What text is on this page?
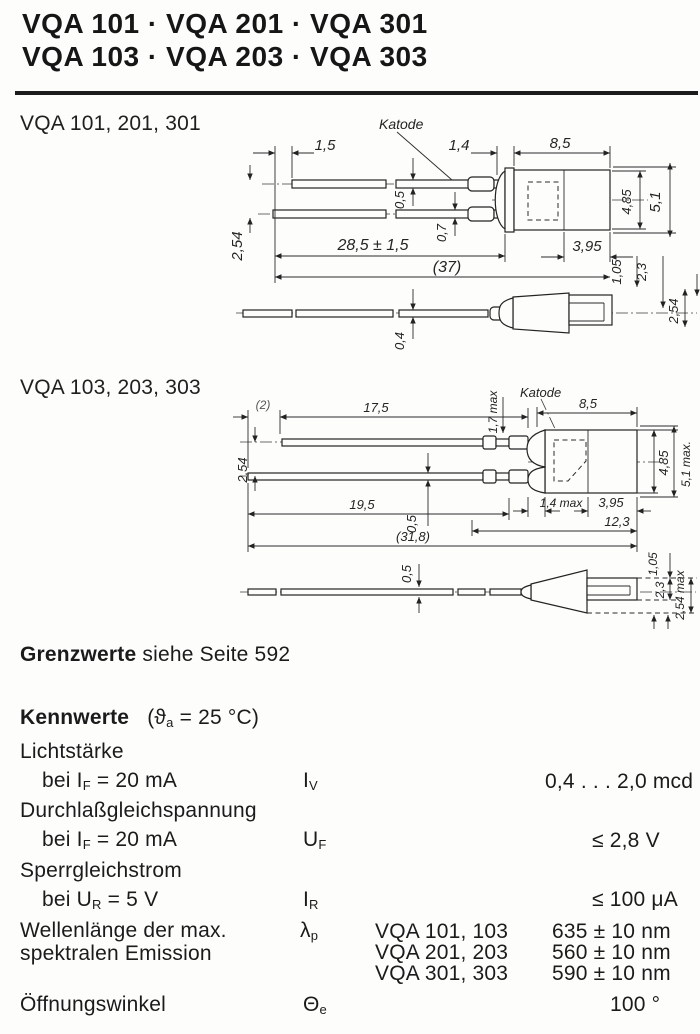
VQA 101 · VQA 201 · VQA 301
VQA 103 · VQA 203 · VQA 303
VQA 101, 201, 301	Katode
1,5	1,4	8,5
0,5
0,7
2,54	28,5 ± 1,5
(37)
4,85 5,1
3,95
1,05 2,3
2,54
0,4
VQA 103, 203, 303
(2)	17,5	1,7 max Katode
8,5
2,54
0,5
19,5	1,4 max 3,95
12,3
(31,8)
4,85 5,1 max.
0,5	1,05
2,3 2,54 max
Grenzwerte siehe Seite 592
Kennwerte ($ϑ_a = 25$ °C)
Lichtstärke
bei $I_F = 20$ mA	$I_V$	0,4 . . . 2,0 mcd
Durchlaßgleichspannung
bei $I_F = 20$ mA	$U_F$	≤ 2,8 V
Sperrgleichstrom
bei $U_R = 5$ V	$I_R$	≤ 100 μA
Wellenlänge der max.
spektralen Emission
$\lambda_p$	VQA 101, 103 635 ± 10 nm
VQA 201, 203 560 ± 10 nm
VQA 301, 303 590 ± 10 nm
Öffnungswinkel	$\Theta_e$	100 °
